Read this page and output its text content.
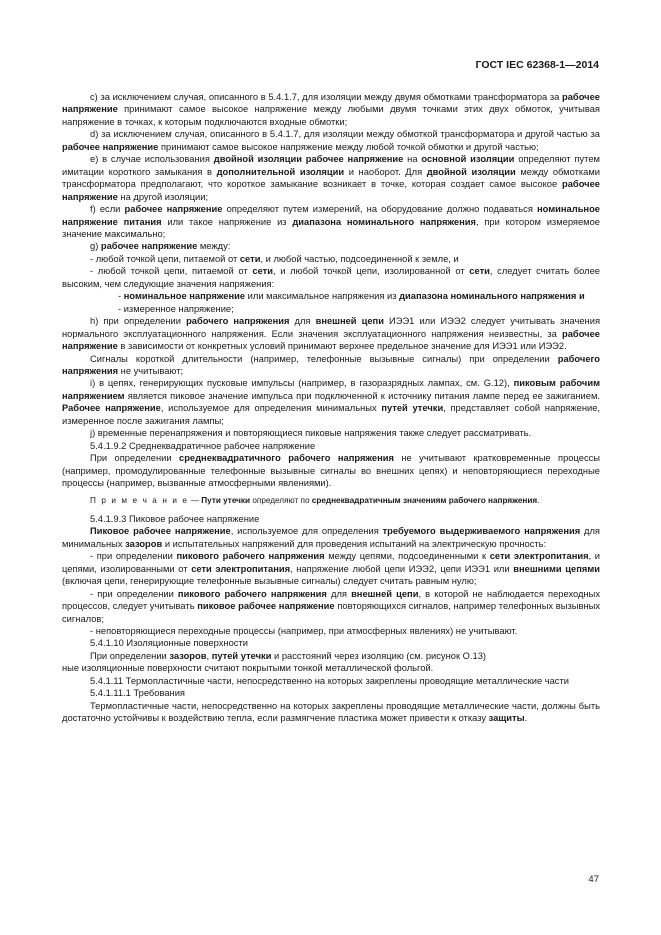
ГОСТ IEC 62368-1—2014

c) за исключением случая, описанного в 5.4.1.7, для изоляции между двумя обмотками трансформатора за рабочее напряжение принимают самое высокое напряжение между любыми двумя точками этих двух обмоток, учитывая напряжение в точках, к которым подключаются входные обмотки;

d) за исключением случая, описанного в 5.4.1.7, для изоляции между обмоткой трансформатора и другой частью за рабочее напряжение принимают самое высокое напряжение между любой точкой обмотки и другой частью;

e) в случае использования двойной изоляции рабочее напряжение на основной изоляции определяют путем имитации короткого замыкания в дополнительной изоляции и наоборот. Для двойной изоляции между обмотками трансформатора предполагают, что короткое замыкание возникает в точке, которая создает самое высокое рабочее напряжение на другой изоляции;

f) если рабочее напряжение определяют путем измерений, на оборудование должно подаваться номинальное напряжение питания или такое напряжение из диапазона номинального напряжения, при котором измеряемое значение максимально;

g) рабочее напряжение между:

- любой точкой цепи, питаемой от сети, и любой частью, подсоединенной к земле, и

- любой точкой цепи, питаемой от сети, и любой точкой цепи, изолированной от сети, следует считать более высоким, чем следующие значения напряжения:

- номинальное напряжение или максимальное напряжения из диапазона номинального напряжения и

- измеренное напряжение;

h) при определении рабочего напряжения для внешней цепи ИЭЭ1 или ИЭЭ2 следует учитывать значения нормального эксплуатационного напряжения. Если значения эксплуатационного напряжения неизвестны, за рабочее напряжение в зависимости от конкретных условий принимают верхнее предельное значение для ИЭЭ1 или ИЭЭ2.

Сигналы короткой длительности (например, телефонные вызывные сигналы) при определении рабочего напряжения не учитывают;

i) в цепях, генерирующих пусковые импульсы (например, в газоразрядных лампах, см. G.12), пиковым рабочим напряжением является пиковое значение импульса при подключенной к источнику питания лампе перед ее зажиганием. Рабочее напряжение, используемое для определения минимальных путей утечки, представляет собой напряжение, измеренное после зажигания лампы;

j) временные перенапряжения и повторяющиеся пиковые напряжения также следует рассматривать.

5.4.1.9.2 Среднеквадратичное рабочее напряжение

При определении среднеквадратичного рабочего напряжения не учитывают кратковременные процессы (например, промодулированные телефонные вызывные сигналы во внешних цепях) и неповторяющиеся переходные процессы (например, вызванные атмосферными явлениями).

П р и м е ч а н и е — Пути утечки определяют по среднеквадратичным значениям рабочего напряжения.

5.4.1.9.3 Пиковое рабочее напряжение

Пиковое рабочее напряжение, используемое для определения требуемого выдерживаемого напряжения для минимальных зазоров и испытательных напряжений для проведения испытаний на электрическую прочность:

- при определении пикового рабочего напряжения между цепями, подсоединенными к сети электропитания, и цепями, изолированными от сети электропитания, напряжение любой цепи ИЭЭ2, цепи ИЭЭ1 или внешними цепями (включая цепи, генерирующие телефонные вызывные сигналы) следует считать равным нулю;

- при определении пикового рабочего напряжения для внешней цепи, в которой не наблюдается переходных процессов, следует учитывать пиковое рабочее напряжение повторяющихся сигналов, например телефонных вызывных сигналов;

- неповторяющиеся переходные процессы (например, при атмосферных явлениях) не учитывают.

5.4.1.10 Изоляционные поверхности

При определении зазоров, путей утечки и расстояний через изоляцию (см. рисунок О.13)

ные изоляционные поверхности считают покрытыми тонкой металлической фольгой.

5.4.1.11 Термопластичные части, непосредственно на которых закреплены проводящие металлические части

5.4.1.11.1 Требования

Термопластичные части, непосредственно на которых закреплены проводящие металлические части, должны быть достаточно устойчивы к воздействию тепла, если размягчение пластика может привести к отказу защиты.

47
